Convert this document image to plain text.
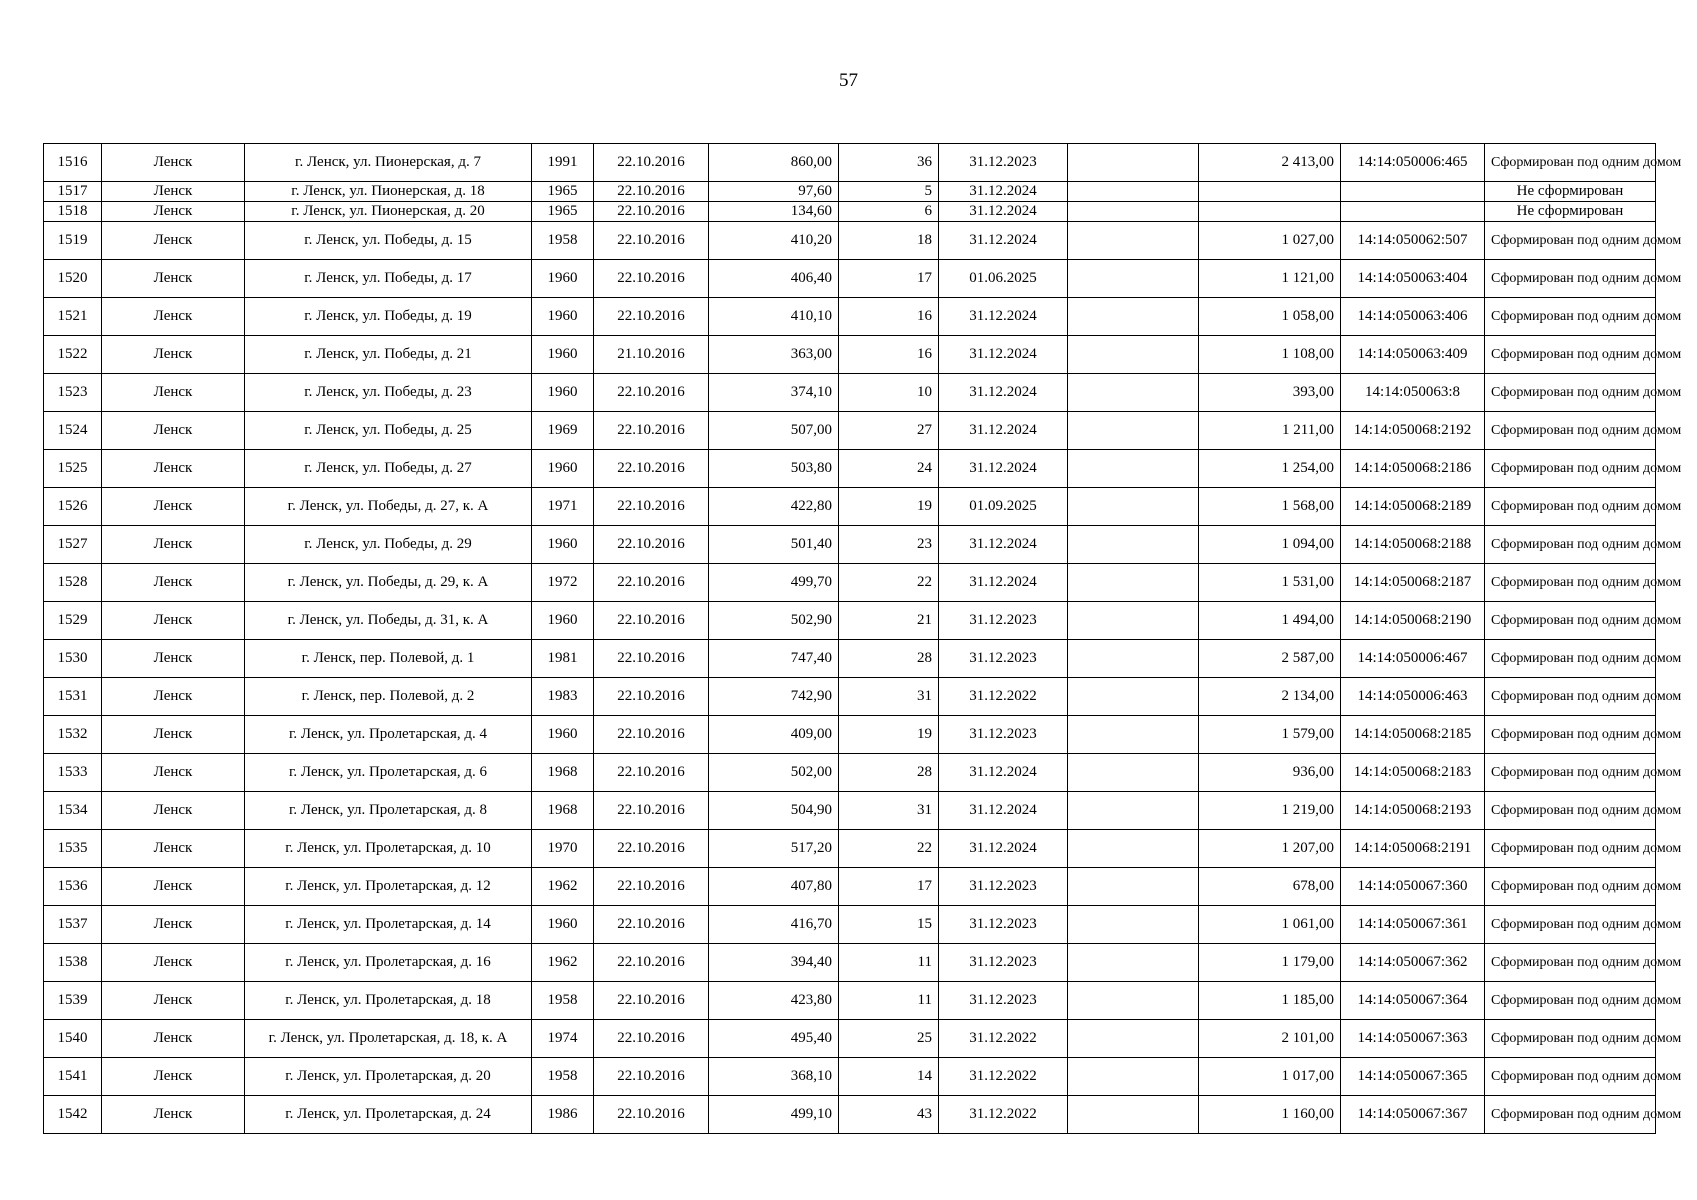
57
1516	Ленск	г. Ленск, ул. Пионерская, д. 7	1991	22.10.2016	860,00	36	31.12.2023		2 413,00	14:14:050006:465	Сформирован под одним домом
1517	Ленск	г. Ленск, ул. Пионерская, д. 18	1965	22.10.2016	97,60	5	31.12.2024				Не сформирован
1518	Ленск	г. Ленск, ул. Пионерская, д. 20	1965	22.10.2016	134,60	6	31.12.2024				Не сформирован
1519	Ленск	г. Ленск, ул. Победы, д. 15	1958	22.10.2016	410,20	18	31.12.2024		1 027,00	14:14:050062:507	Сформирован под одним домом
1520	Ленск	г. Ленск, ул. Победы, д. 17	1960	22.10.2016	406,40	17	01.06.2025		1 121,00	14:14:050063:404	Сформирован под одним домом
1521	Ленск	г. Ленск, ул. Победы, д. 19	1960	22.10.2016	410,10	16	31.12.2024		1 058,00	14:14:050063:406	Сформирован под одним домом
1522	Ленск	г. Ленск, ул. Победы, д. 21	1960	21.10.2016	363,00	16	31.12.2024		1 108,00	14:14:050063:409	Сформирован под одним домом
1523	Ленск	г. Ленск, ул. Победы, д. 23	1960	22.10.2016	374,10	10	31.12.2024		393,00	14:14:050063:8	Сформирован под одним домом
1524	Ленск	г. Ленск, ул. Победы, д. 25	1969	22.10.2016	507,00	27	31.12.2024		1 211,00	14:14:050068:2192	Сформирован под одним домом
1525	Ленск	г. Ленск, ул. Победы, д. 27	1960	22.10.2016	503,80	24	31.12.2024		1 254,00	14:14:050068:2186	Сформирован под одним домом
1526	Ленск	г. Ленск, ул. Победы, д. 27, к. А	1971	22.10.2016	422,80	19	01.09.2025		1 568,00	14:14:050068:2189	Сформирован под одним домом
1527	Ленск	г. Ленск, ул. Победы, д. 29	1960	22.10.2016	501,40	23	31.12.2024		1 094,00	14:14:050068:2188	Сформирован под одним домом
1528	Ленск	г. Ленск, ул. Победы, д. 29, к. А	1972	22.10.2016	499,70	22	31.12.2024		1 531,00	14:14:050068:2187	Сформирован под одним домом
1529	Ленск	г. Ленск, ул. Победы, д. 31, к. А	1960	22.10.2016	502,90	21	31.12.2023		1 494,00	14:14:050068:2190	Сформирован под одним домом
1530	Ленск	г. Ленск, пер. Полевой, д. 1	1981	22.10.2016	747,40	28	31.12.2023		2 587,00	14:14:050006:467	Сформирован под одним домом
1531	Ленск	г. Ленск, пер. Полевой, д. 2	1983	22.10.2016	742,90	31	31.12.2022		2 134,00	14:14:050006:463	Сформирован под одним домом
1532	Ленск	г. Ленск, ул. Пролетарская, д. 4	1960	22.10.2016	409,00	19	31.12.2023		1 579,00	14:14:050068:2185	Сформирован под одним домом
1533	Ленск	г. Ленск, ул. Пролетарская, д. 6	1968	22.10.2016	502,00	28	31.12.2024		936,00	14:14:050068:2183	Сформирован под одним домом
1534	Ленск	г. Ленск, ул. Пролетарская, д. 8	1968	22.10.2016	504,90	31	31.12.2024		1 219,00	14:14:050068:2193	Сформирован под одним домом
1535	Ленск	г. Ленск, ул. Пролетарская, д. 10	1970	22.10.2016	517,20	22	31.12.2024		1 207,00	14:14:050068:2191	Сформирован под одним домом
1536	Ленск	г. Ленск, ул. Пролетарская, д. 12	1962	22.10.2016	407,80	17	31.12.2023		678,00	14:14:050067:360	Сформирован под одним домом
1537	Ленск	г. Ленск, ул. Пролетарская, д. 14	1960	22.10.2016	416,70	15	31.12.2023		1 061,00	14:14:050067:361	Сформирован под одним домом
1538	Ленск	г. Ленск, ул. Пролетарская, д. 16	1962	22.10.2016	394,40	11	31.12.2023		1 179,00	14:14:050067:362	Сформирован под одним домом
1539	Ленск	г. Ленск, ул. Пролетарская, д. 18	1958	22.10.2016	423,80	11	31.12.2023		1 185,00	14:14:050067:364	Сформирован под одним домом
1540	Ленск	г. Ленск, ул. Пролетарская, д. 18, к. А	1974	22.10.2016	495,40	25	31.12.2022		2 101,00	14:14:050067:363	Сформирован под одним домом
1541	Ленск	г. Ленск, ул. Пролетарская, д. 20	1958	22.10.2016	368,10	14	31.12.2022		1 017,00	14:14:050067:365	Сформирован под одним домом
1542	Ленск	г. Ленск, ул. Пролетарская, д. 24	1986	22.10.2016	499,10	43	31.12.2022		1 160,00	14:14:050067:367	Сформирован под одним домом
